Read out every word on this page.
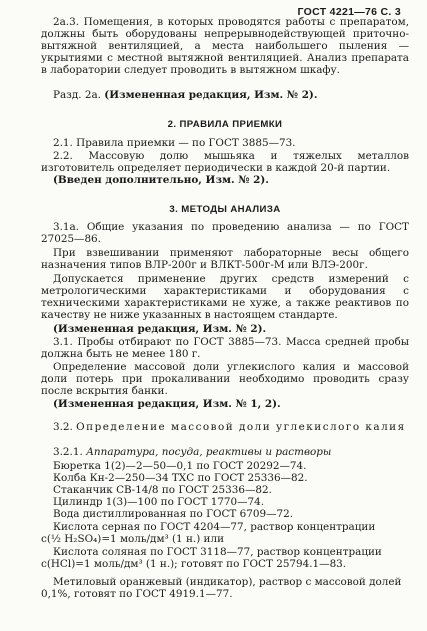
ГОСТ 4221—76 С. 3

2а.3. Помещения, в которых проводятся работы с препаратом, должны быть оборудованы непрерывнодействующей приточно-вытяжной вентиляцией, а места наибольшего пыления — укрытиями с местной вытяжной вентиляцией. Анализ препарата в лаборатории следует проводить в вытяжном шкафу.

Разд. 2а. (Измененная редакция, Изм. № 2).

2. ПРАВИЛА ПРИЕМКИ

2.1. Правила приемки — по ГОСТ 3885—73.

2.2. Массовую долю мышьяка и тяжелых металлов изготовитель определяет периодически в каждой 20-й партии.

(Введен дополнительно, Изм. № 2).

3. МЕТОДЫ АНАЛИЗА

3.1а. Общие указания по проведению анализа — по ГОСТ 27025—86.

При взвешивании применяют лабораторные весы общего назначения типов ВЛР-200г и ВЛКТ-500г-М или ВЛЭ-200г.

Допускается применение других средств измерений с метрологическими характеристиками и оборудования с техническими характеристиками не хуже, а также реактивов по качеству не ниже указанных в настоящем стандарте.

(Измененная редакция, Изм. № 2).

3.1. Пробы отбирают по ГОСТ 3885—73. Масса средней пробы должна быть не менее 180 г.

Определение массовой доли углекислого калия и массовой доли потерь при прокаливании необходимо проводить сразу после вскрытия банки.

(Измененная редакция, Изм. № 1, 2).

3.2. Определение массовой доли углекислого калия

3.2.1. Аппаратура, посуда, реактивы и растворы

Бюретка 1(2)—2—50—0,1 по ГОСТ 20292—74.

Колба Кн-2—250—34 ТХС по ГОСТ 25336—82.

Стаканчик СВ-14/8 по ГОСТ 25336—82.

Цилиндр 1(3)—100 по ГОСТ 1770—74.

Вода дистиллированная по ГОСТ 6709—72.

Кислота серная по ГОСТ 4204—77, раствор концентрации

с(½ H₂SO₄)=1 моль/дм³ (1 н.) или

Кислота соляная по ГОСТ 3118—77, раствор концентрации

с(HCl)=1 моль/дм³ (1 н.); готовят по ГОСТ 25794.1—83.

Метиловый оранжевый (индикатор), раствор с массовой долей

0,1%, готовят по ГОСТ 4919.1—77.
